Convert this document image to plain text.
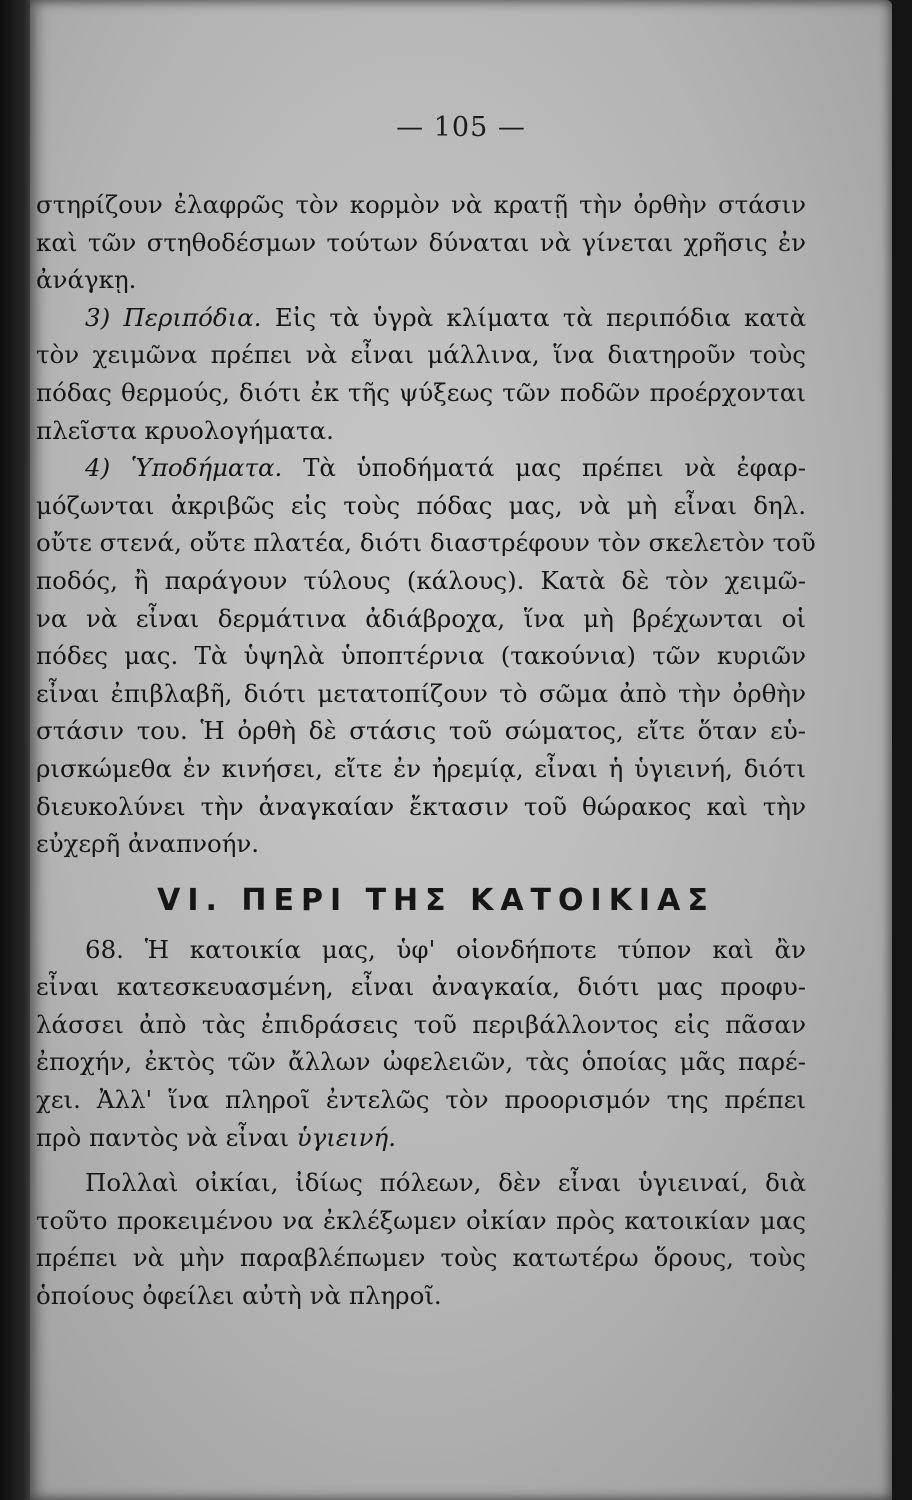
— 105 —
στηρίζουν ἐλαφρῶς τὸν κορμὸν νὰ κρατῇ τὴν ὀρθὴν στάσιν
καὶ τῶν στηθοδέσμων τούτων δύναται νὰ γίνεται χρῆσις ἐν
ἀνάγκῃ.
  3) Περιπόδια. Εἰς τὰ ὑγρὰ κλίματα τὰ περιπόδια κατὰ
τὸν χειμῶνα πρέπει νὰ εἶναι μάλλινα, ἵνα διατηροῦν τοὺς
πόδας θερμούς, διότι ἐκ τῆς ψύξεως τῶν ποδῶν προέρχονται
πλεῖστα κρυολογήματα.
  4) Ὑποδήματα. Τὰ ὑποδήματά μας πρέπει νὰ ἐφαρ-
μόζωνται ἀκριβῶς εἰς τοὺς πόδας μας, νὰ μὴ εἶναι δηλ.
οὔτε στενά, οὔτε πλατέα, διότι διαστρέφουν τὸν σκελετὸν τοῦ
ποδός, ἢ παράγουν τύλους (κάλους). Κατὰ δὲ τὸν χειμῶ-
να νὰ εἶναι δερμάτινα ἀδιάβροχα, ἵνα μὴ βρέχωνται οἱ
πόδες μας. Τὰ ὑψηλὰ ὑποπτέρνια (τακούνια) τῶν κυριῶν
εἶναι ἐπιβλαβῆ, διότι μετατοπίζουν τὸ σῶμα ἀπὸ τὴν ὀρθὴν
στάσιν του. Ἡ ὀρθὴ δὲ στάσις τοῦ σώματος, εἴτε ὅταν εὑ-
ρισκώμεθα ἐν κινήσει, εἴτε ἐν ἠρεμίᾳ, εἶναι ἡ ὑγιεινή, διότι
διευκολύνει τὴν ἀναγκαίαν ἔκτασιν τοῦ θώρακος καὶ τὴν
εὐχερῆ ἀναπνοήν.
VI. ΠΕΡΙ ΤΗΣ ΚΑΤΟΙΚΙΑΣ
  68. Ἡ κατοικία μας, ὑφ' οἱονδήποτε τύπον καὶ ἂν
εἶναι κατεσκευασμένη, εἶναι ἀναγκαία, διότι μας προφυ-
λάσσει ἀπὸ τὰς ἐπιδράσεις τοῦ περιβάλλοντος εἰς πᾶσαν
ἐποχήν, ἐκτὸς τῶν ἄλλων ὠφελειῶν, τὰς ὁποίας μᾶς παρέ-
χει. Ἀλλ' ἵνα πληροῖ ἐντελῶς τὸν προορισμόν της πρέπει
πρὸ παντὸς νὰ εἶναι ὑγιεινή.
  Πολλαὶ οἰκίαι, ἰδίως πόλεων, δὲν εἶναι ὑγιειναί, διὰ
τοῦτο προκειμένου να ἐκλέξωμεν οἰκίαν πρὸς κατοικίαν μας
πρέπει νὰ μὴν παραβλέπωμεν τοὺς κατωτέρω ὅρους, τοὺς
ὁποίους ὀφείλει αὐτὴ νὰ πληροῖ.
